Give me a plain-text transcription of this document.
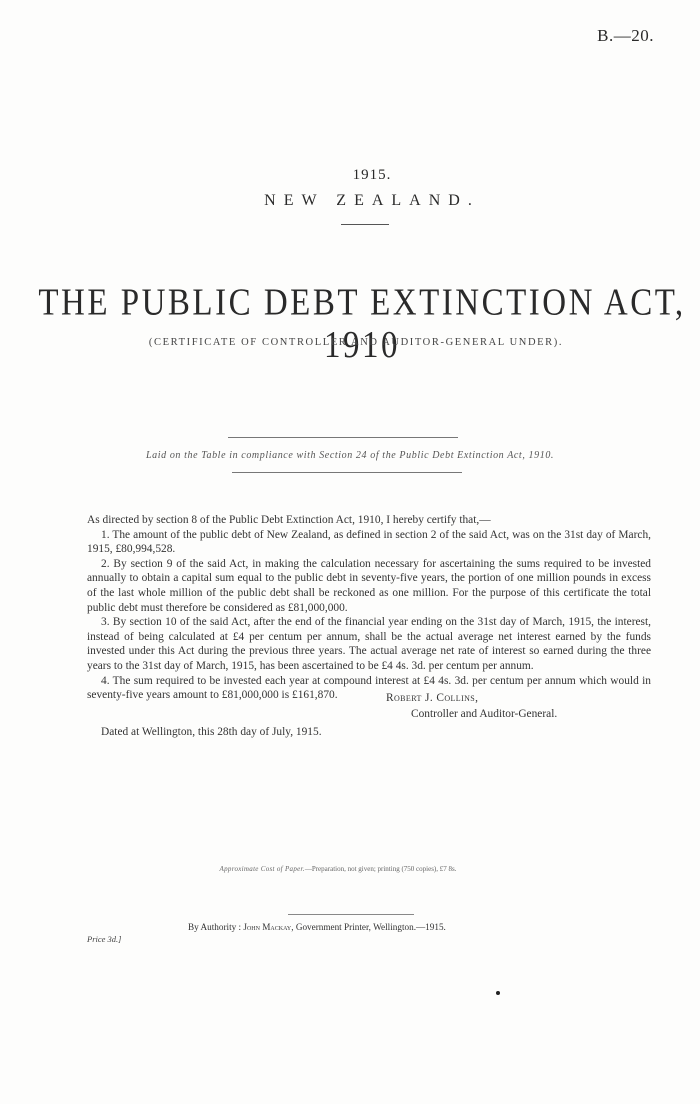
B.—20.
1915.
NEW ZEALAND.
THE PUBLIC DEBT EXTINCTION ACT, 1910
(CERTIFICATE OF CONTROLLER AND AUDITOR-GENERAL UNDER).
Laid on the Table in compliance with Section 24 of the Public Debt Extinction Act, 1910.

As directed by section 8 of the Public Debt Extinction Act, 1910, I hereby certify that,—

1. The amount of the public debt of New Zealand, as defined in section 2 of the said Act, was on the 31st day of March, 1915, £80,994,528.

2. By section 9 of the said Act, in making the calculation necessary for ascertaining the sums required to be invested annually to obtain a capital sum equal to the public debt in seventy-five years, the portion of one million pounds in excess of the last whole million of the public debt shall be reckoned as one million. For the purpose of this certificate the total public debt must therefore be considered as £81,000,000.

3. By section 10 of the said Act, after the end of the financial year ending on the 31st day of March, 1915, the interest, instead of being calculated at £4 per centum per annum, shall be the actual average net interest earned by the funds invested under this Act during the previous three years. The actual average net rate of interest so earned during the three years to the 31st day of March, 1915, has been ascertained to be £4 4s. 3d. per centum per annum.

4. The sum required to be invested each year at compound interest at £4 4s. 3d. per centum per annum which would in seventy-five years amount to £81,000,000 is £161,870.	Robert J. Collins,
Controller and Auditor-General.
Dated at Wellington, this 28th day of July, 1915.
Approximate Cost of Paper.—Preparation, not given; printing (750 copies), £7 8s.
By Authority : John Mackay, Government Printer, Wellington.—1915.
Price 3d.]
